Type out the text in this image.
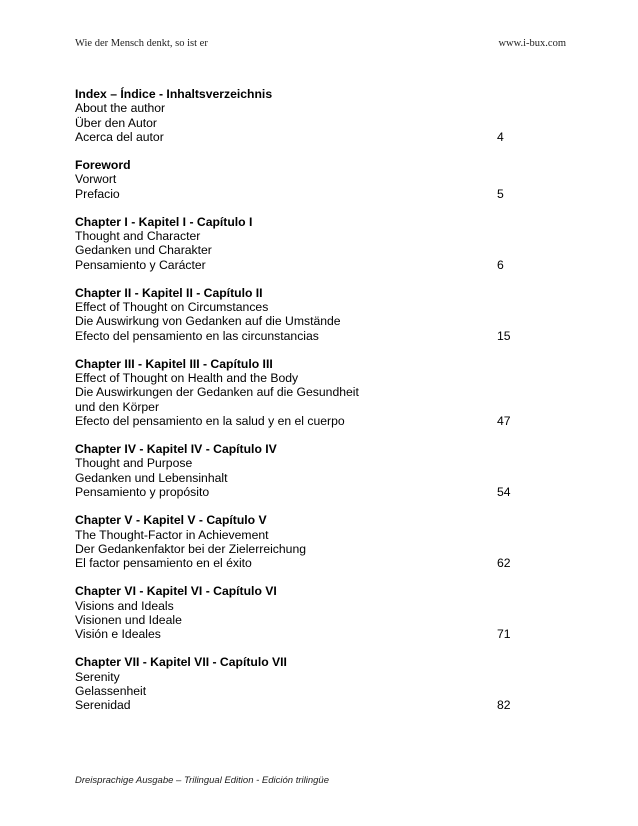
Wie der Mensch denkt, so ist er	www.i-bux.com
Index – Índice - Inhaltsverzeichnis
About the author
Über den Autor
Acerca del autor	4
Foreword
Vorwort
Prefacio	5
Chapter I - Kapitel I - Capítulo I
Thought and Character
Gedanken und Charakter
Pensamiento y Carácter	6
Chapter II - Kapitel II - Capítulo II
Effect of Thought on Circumstances
Die Auswirkung von Gedanken auf die Umstände
Efecto del pensamiento en las circunstancias	15
Chapter III - Kapitel III - Capítulo III
Effect of Thought on Health and the Body
Die Auswirkungen der Gedanken auf die Gesundheit
und den Körper
Efecto del pensamiento en la salud y en el cuerpo	47
Chapter IV - Kapitel IV - Capítulo IV
Thought and Purpose
Gedanken und Lebensinhalt
Pensamiento y propósito	54
Chapter V - Kapitel V - Capítulo V
The Thought-Factor in Achievement
Der Gedankenfaktor bei der Zielerreichung
El factor pensamiento en el éxito	62
Chapter VI - Kapitel VI - Capítulo VI
Visions and Ideals
Visionen und Ideale
Visión e Ideales	71
Chapter VII - Kapitel VII - Capítulo VII
Serenity
Gelassenheit
Serenidad	82
Dreisprachige Ausgabe – Trilingual Edition - Edición trilingüe
